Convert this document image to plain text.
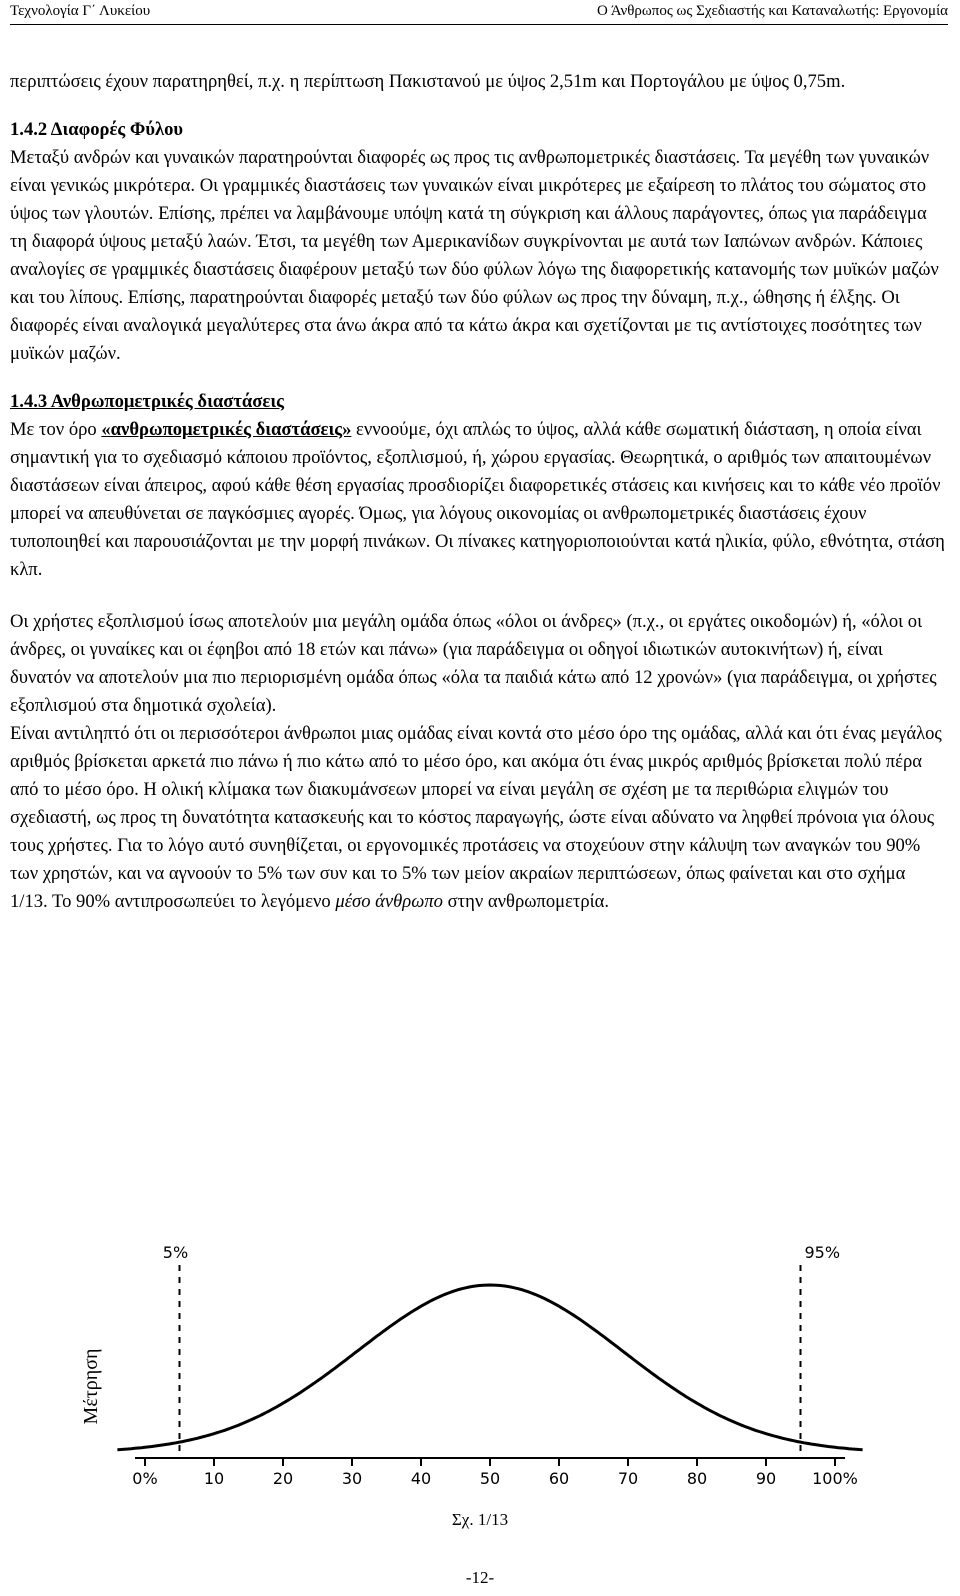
Τεχνολογία Γ΄ Λυκείου	Ο Άνθρωπος ως Σχεδιαστής και Καταναλωτής: Εργονομία

περιπτώσεις έχουν παρατηρηθεί, π.χ. η περίπτωση Πακιστανού με ύψος 2,51m και Πορτογάλου με ύψος 0,75m.

1.4.2 Διαφορές Φύλου

Μεταξύ ανδρών και γυναικών παρατηρούνται διαφορές ως προς τις ανθρωπομετρικές διαστάσεις. Τα μεγέθη των γυναικών είναι γενικώς μικρότερα. Οι γραμμικές διαστάσεις των γυναικών είναι μικρότερες με εξαίρεση το πλάτος του σώματος στο ύψος των γλουτών. Επίσης, πρέπει να λαμβάνουμε υπόψη κατά τη σύγκριση και άλλους παράγοντες, όπως για παράδειγμα τη διαφορά ύψους μεταξύ λαών. Έτσι, τα μεγέθη των Αμερικανίδων συγκρίνονται με αυτά των Ιαπώνων ανδρών. Κάποιες αναλογίες σε γραμμικές διαστάσεις διαφέρουν μεταξύ των δύο φύλων λόγω της διαφορετικής κατανομής των μυϊκών μαζών και του λίπους. Επίσης, παρατηρούνται διαφορές μεταξύ των δύο φύλων ως προς την δύναμη, π.χ., ώθησης ή έλξης. Οι διαφορές είναι αναλογικά μεγαλύτερες στα άνω άκρα από τα κάτω άκρα και σχετίζονται με τις αντίστοιχες ποσότητες των μυϊκών μαζών.

1.4.3 Ανθρωπομετρικές διαστάσεις

Με τον όρο «ανθρωπομετρικές διαστάσεις» εννοούμε, όχι απλώς το ύψος, αλλά κάθε σωματική διάσταση, η οποία είναι σημαντική για το σχεδιασμό κάποιου προϊόντος, εξοπλισμού, ή, χώρου εργασίας. Θεωρητικά, ο αριθμός των απαιτουμένων διαστάσεων είναι άπειρος, αφού κάθε θέση εργασίας προσδιορίζει διαφορετικές στάσεις και κινήσεις και το κάθε νέο προϊόν μπορεί να απευθύνεται σε παγκόσμιες αγορές. Όμως, για λόγους οικονομίας οι ανθρωπομετρικές διαστάσεις έχουν τυποποιηθεί και παρουσιάζονται με την μορφή πινάκων. Οι πίνακες κατηγοριοποιούνται κατά ηλικία, φύλο, εθνότητα, στάση κλπ.

Οι χρήστες εξοπλισμού ίσως αποτελούν μια μεγάλη ομάδα όπως «όλοι οι άνδρες» (π.χ., οι εργάτες οικοδομών) ή, «όλοι οι άνδρες, οι γυναίκες και οι έφηβοι από 18 ετών και πάνω» (για παράδειγμα οι οδηγοί ιδιωτικών αυτοκινήτων) ή, είναι δυνατόν να αποτελούν μια πιο περιορισμένη ομάδα όπως «όλα τα παιδιά κάτω από 12 χρονών» (για παράδειγμα, οι χρήστες εξοπλισμού στα δημοτικά σχολεία).

Είναι αντιληπτό ότι οι περισσότεροι άνθρωποι μιας ομάδας είναι κοντά στο μέσο όρο της ομάδας, αλλά και ότι ένας μεγάλος αριθμός βρίσκεται αρκετά πιο πάνω ή πιο κάτω από το μέσο όρο, και ακόμα ότι ένας μικρός αριθμός βρίσκεται πολύ πέρα από το μέσο όρο. Η ολική κλίμακα των διακυμάνσεων μπορεί να είναι μεγάλη σε σχέση με τα περιθώρια ελιγμών του σχεδιαστή, ως προς τη δυνατότητα κατασκευής και το κόστος παραγωγής, ώστε είναι αδύνατο να ληφθεί πρόνοια για όλους τους χρήστες. Για το λόγο αυτό συνηθίζεται, οι εργονομικές προτάσεις να στοχεύουν στην κάλυψη των αναγκών του 90% των χρηστών, και να αγνοούν το 5% των συν και το 5% των μείον ακραίων περιπτώσεων, όπως φαίνεται και στο σχήμα 1/13. Το 90% αντιπροσωπεύει το λεγόμενο μέσο άνθρωπο στην ανθρωπομετρία.

Μέτρηση
0%	10	20	30	40	50	60	70	80	90 100%
5%	95%
Σχ. 1/13
-12-
